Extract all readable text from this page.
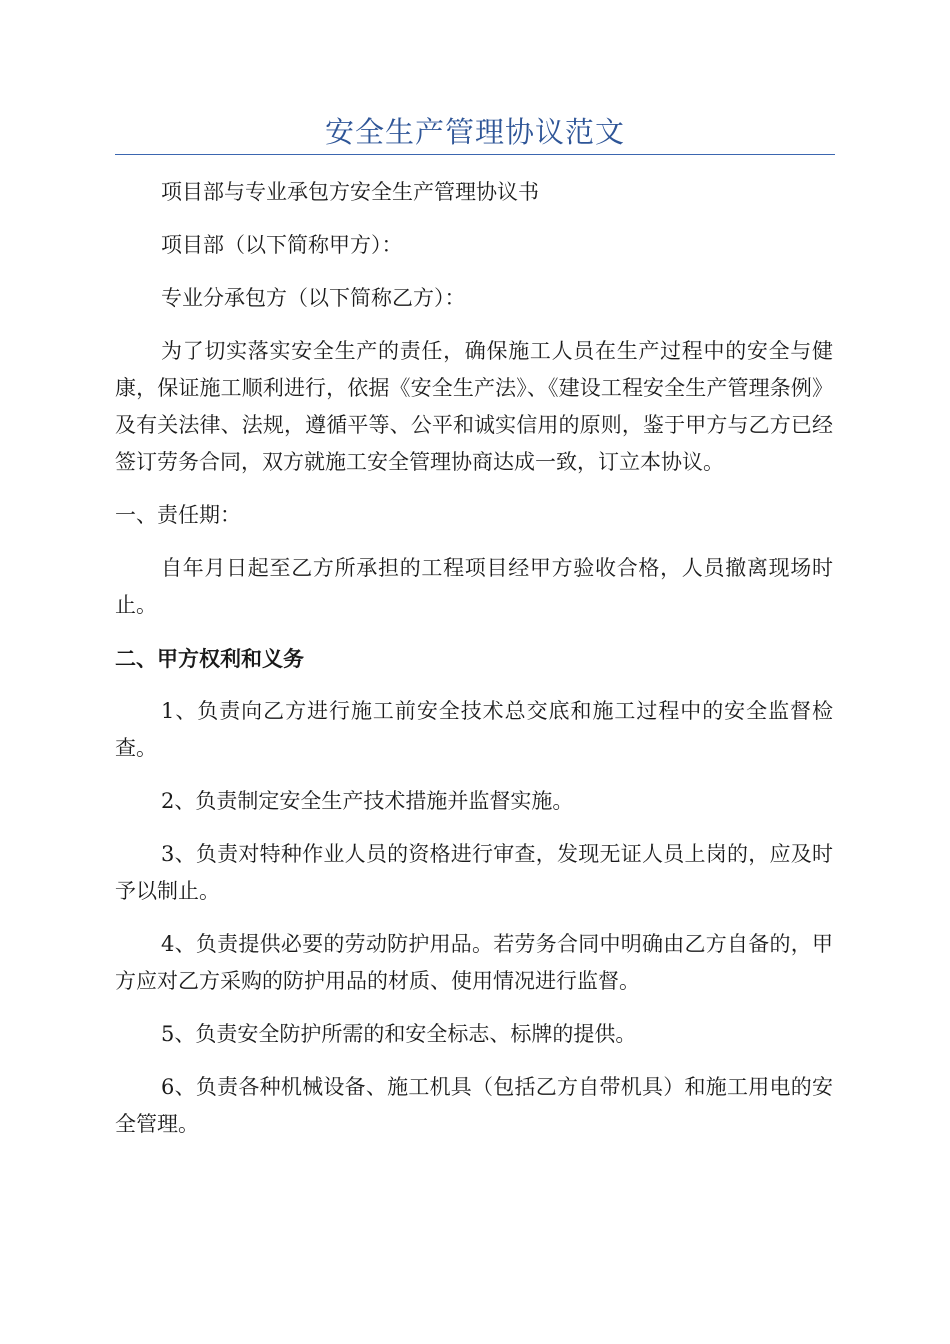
安全生产管理协议范文

项目部与专业承包方安全生产管理协议书

项目部（以下简称甲方）：

专业分承包方（以下简称乙方）：

为了切实落实安全生产的责任，确保施工人员在生产过程中的安全与健康，保证施工顺利进行，依据《安全生产法》、《建设工程安全生产管理条例》及有关法律、法规，遵循平等、公平和诚实信用的原则，鉴于甲方与乙方已经签订劳务合同，双方就施工安全管理协商达成一致，订立本协议。

一、责任期：

自年月日起至乙方所承担的工程项目经甲方验收合格，人员撤离现场时止。

二、甲方权利和义务

1、负责向乙方进行施工前安全技术总交底和施工过程中的安全监督检查。

2、负责制定安全生产技术措施并监督实施。

3、负责对特种作业人员的资格进行审查，发现无证人员上岗的，应及时予以制止。

4、负责提供必要的劳动防护用品。若劳务合同中明确由乙方自备的，甲方应对乙方采购的防护用品的材质、使用情况进行监督。

5、负责安全防护所需的和安全标志、标牌的提供。

6、负责各种机械设备、施工机具（包括乙方自带机具）和施工用电的安全管理。
